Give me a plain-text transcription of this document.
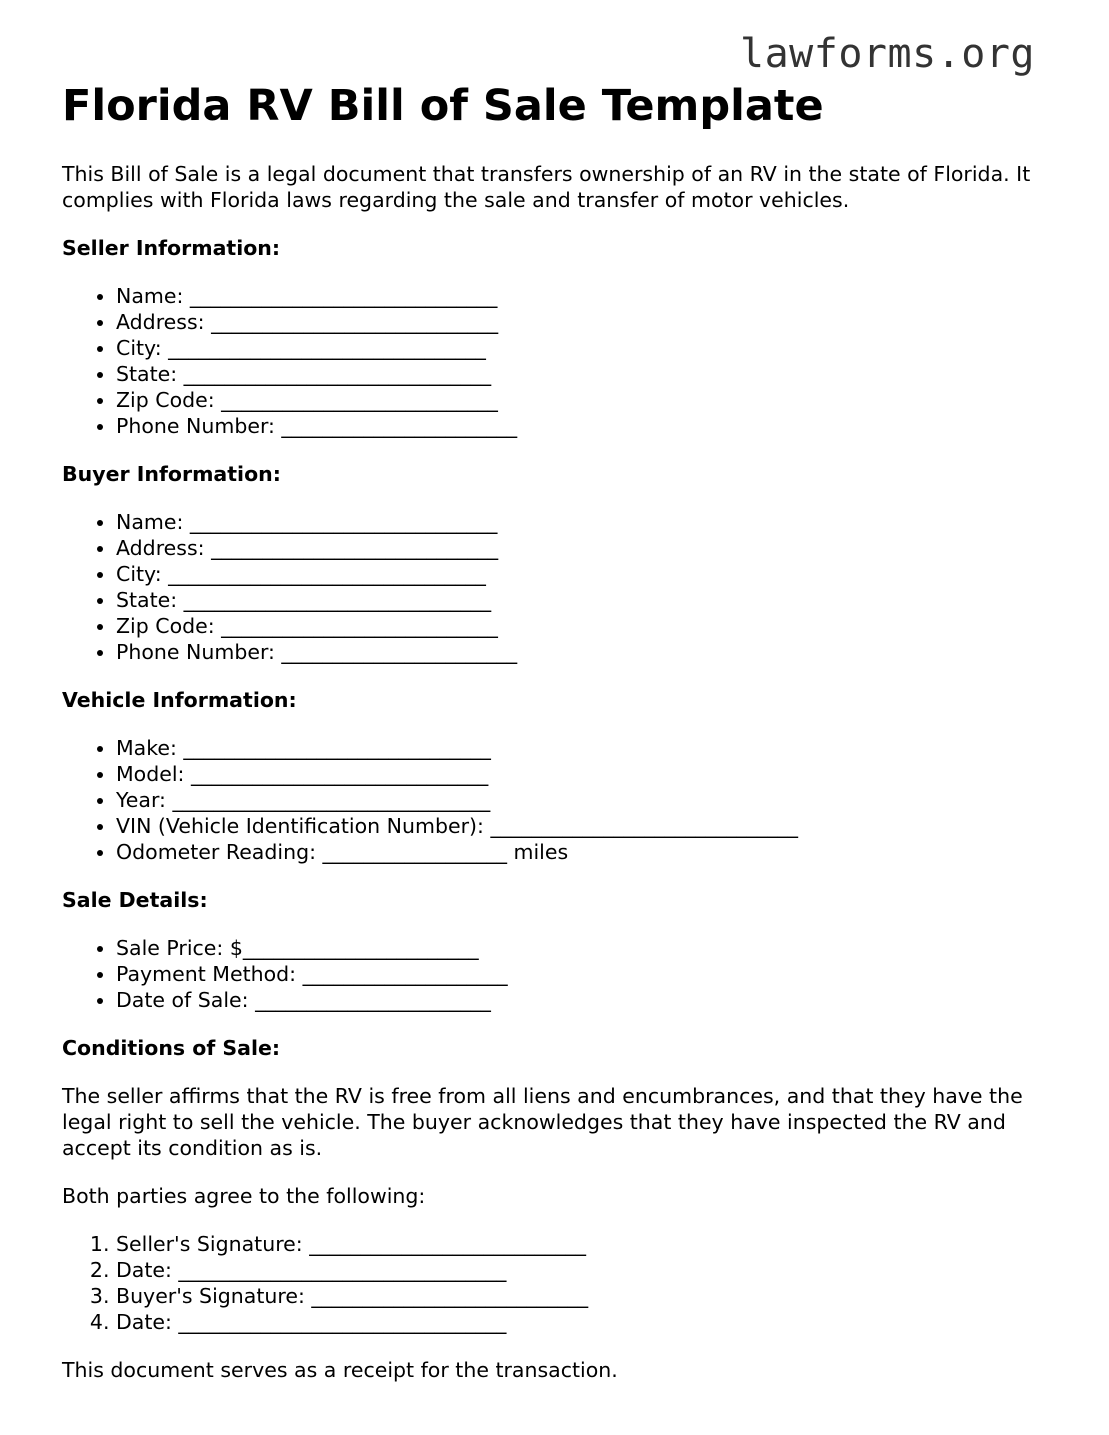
lawforms.org
Florida RV Bill of Sale Template

This Bill of Sale is a legal document that transfers ownership of an RV in the state of Florida. It complies with Florida laws regarding the sale and transfer of motor vehicles.

Seller Information:
• Name: ______________________________
• Address: ____________________________
• City: _______________________________
• State: ______________________________
• Zip Code: ___________________________
• Phone Number: _______________________
Buyer Information:
• Name: ______________________________
• Address: ____________________________
• City: _______________________________
• State: ______________________________
• Zip Code: ___________________________
• Phone Number: _______________________
Vehicle Information:
• Make: ______________________________
• Model: _____________________________
• Year: _______________________________
• VIN (Vehicle Identification Number): ______________________________
• Odometer Reading: __________________ miles
Sale Details:
• Sale Price: $_______________________
• Payment Method: ____________________
• Date of Sale: _______________________
Conditions of Sale:

The seller affirms that the RV is free from all liens and encumbrances, and that they have the legal right to sell the vehicle. The buyer acknowledges that they have inspected the RV and accept its condition as is.

Both parties agree to the following:

1. Seller's Signature: ___________________________
2. Date: ________________________________
3. Buyer's Signature: ___________________________
4. Date: ________________________________

This document serves as a receipt for the transaction.
